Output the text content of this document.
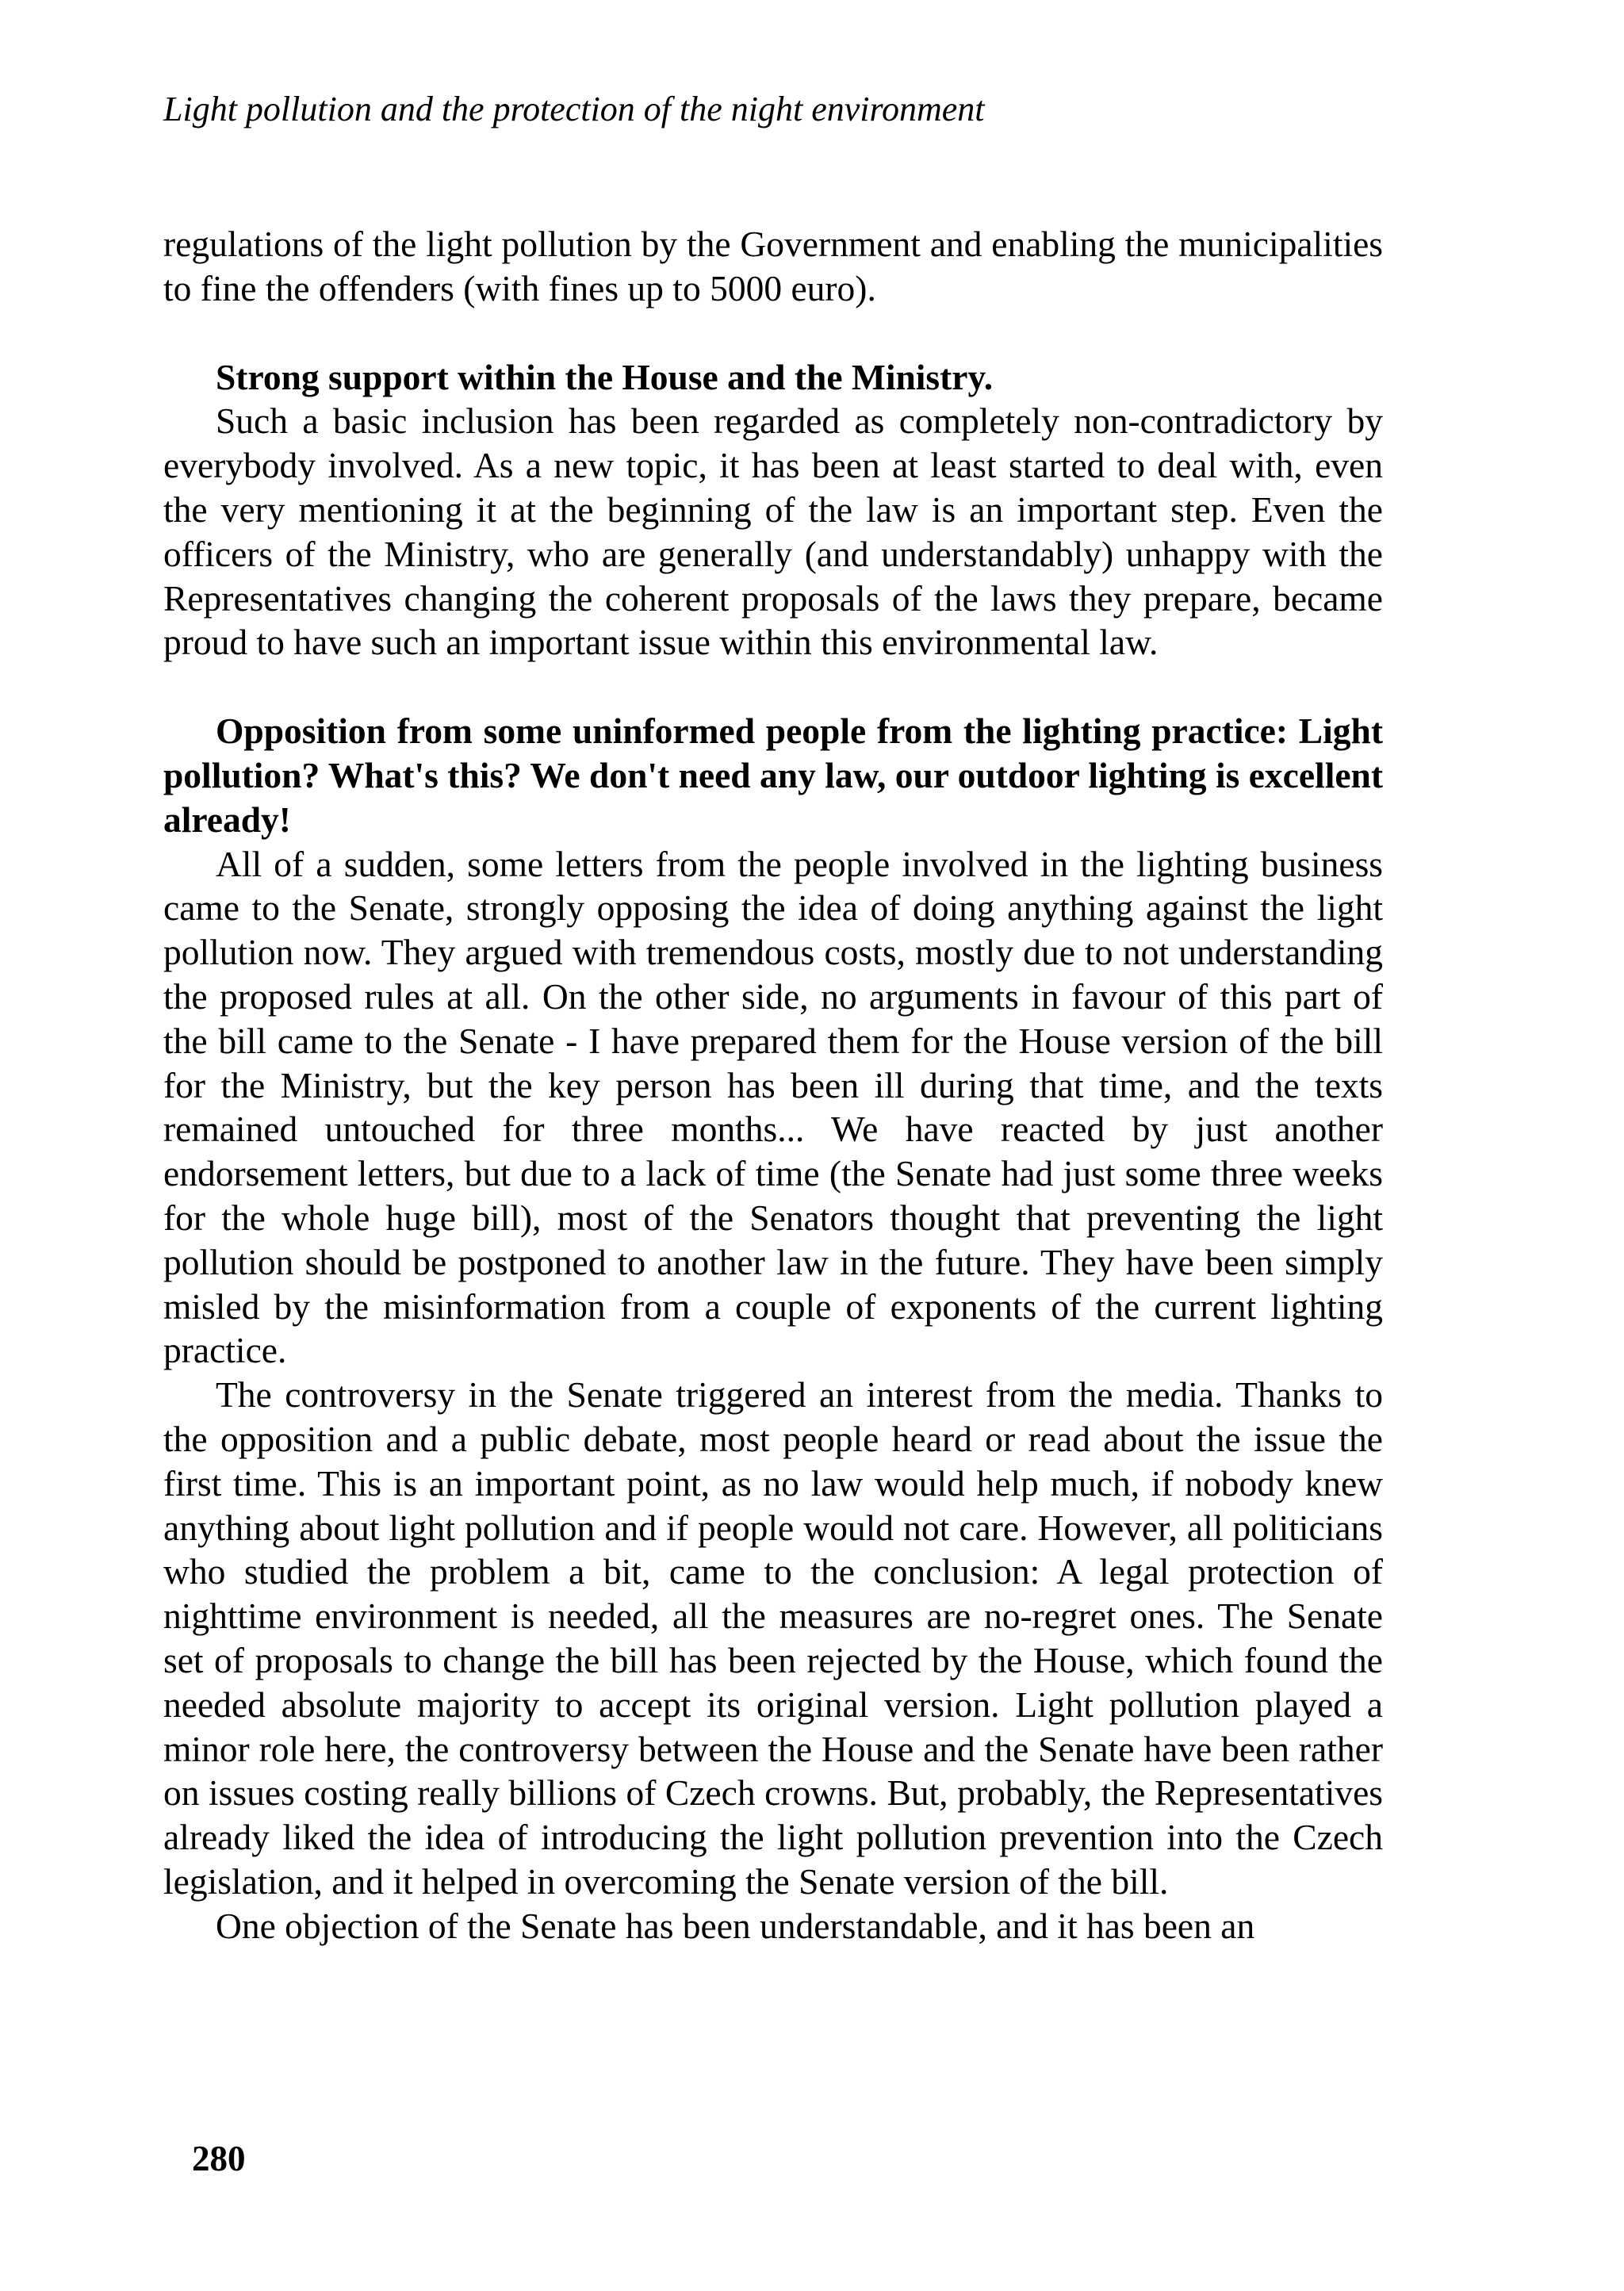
Light pollution and the protection of the night environment

regulations of the light pollution by the Government and enabling the municipalities to fine the offenders (with fines up to 5000 euro).

Strong support within the House and the Ministry.

Such a basic inclusion has been regarded as completely non-contradictory by everybody involved. As a new topic, it has been at least started to deal with, even the very mentioning it at the beginning of the law is an important step. Even the officers of the Ministry, who are generally (and understandably) unhappy with the Representatives changing the coherent proposals of the laws they prepare, became proud to have such an important issue within this environmental law.

Opposition from some uninformed people from the lighting practice: Light pollution? What's this? We don't need any law, our outdoor lighting is excellent already!

All of a sudden, some letters from the people involved in the lighting business came to the Senate, strongly opposing the idea of doing anything against the light pollution now. They argued with tremendous costs, mostly due to not understanding the proposed rules at all. On the other side, no arguments in favour of this part of the bill came to the Senate - I have prepared them for the House version of the bill for the Ministry, but the key person has been ill during that time, and the texts remained untouched for three months... We have reacted by just another endorsement letters, but due to a lack of time (the Senate had just some three weeks for the whole huge bill), most of the Senators thought that preventing the light pollution should be postponed to another law in the future. They have been simply misled by the misinformation from a couple of exponents of the current lighting practice.

The controversy in the Senate triggered an interest from the media. Thanks to the opposition and a public debate, most people heard or read about the issue the first time. This is an important point, as no law would help much, if nobody knew anything about light pollution and if people would not care. However, all politicians who studied the problem a bit, came to the conclusion: A legal protection of nighttime environment is needed, all the measures are no-regret ones. The Senate set of proposals to change the bill has been rejected by the House, which found the needed absolute majority to accept its original version. Light pollution played a minor role here, the controversy between the House and the Senate have been rather on issues costing really billions of Czech crowns. But, probably, the Representatives already liked the idea of introducing the light pollution prevention into the Czech legislation, and it helped in overcoming the Senate version of the bill.

One objection of the Senate has been understandable, and it has been an

280
